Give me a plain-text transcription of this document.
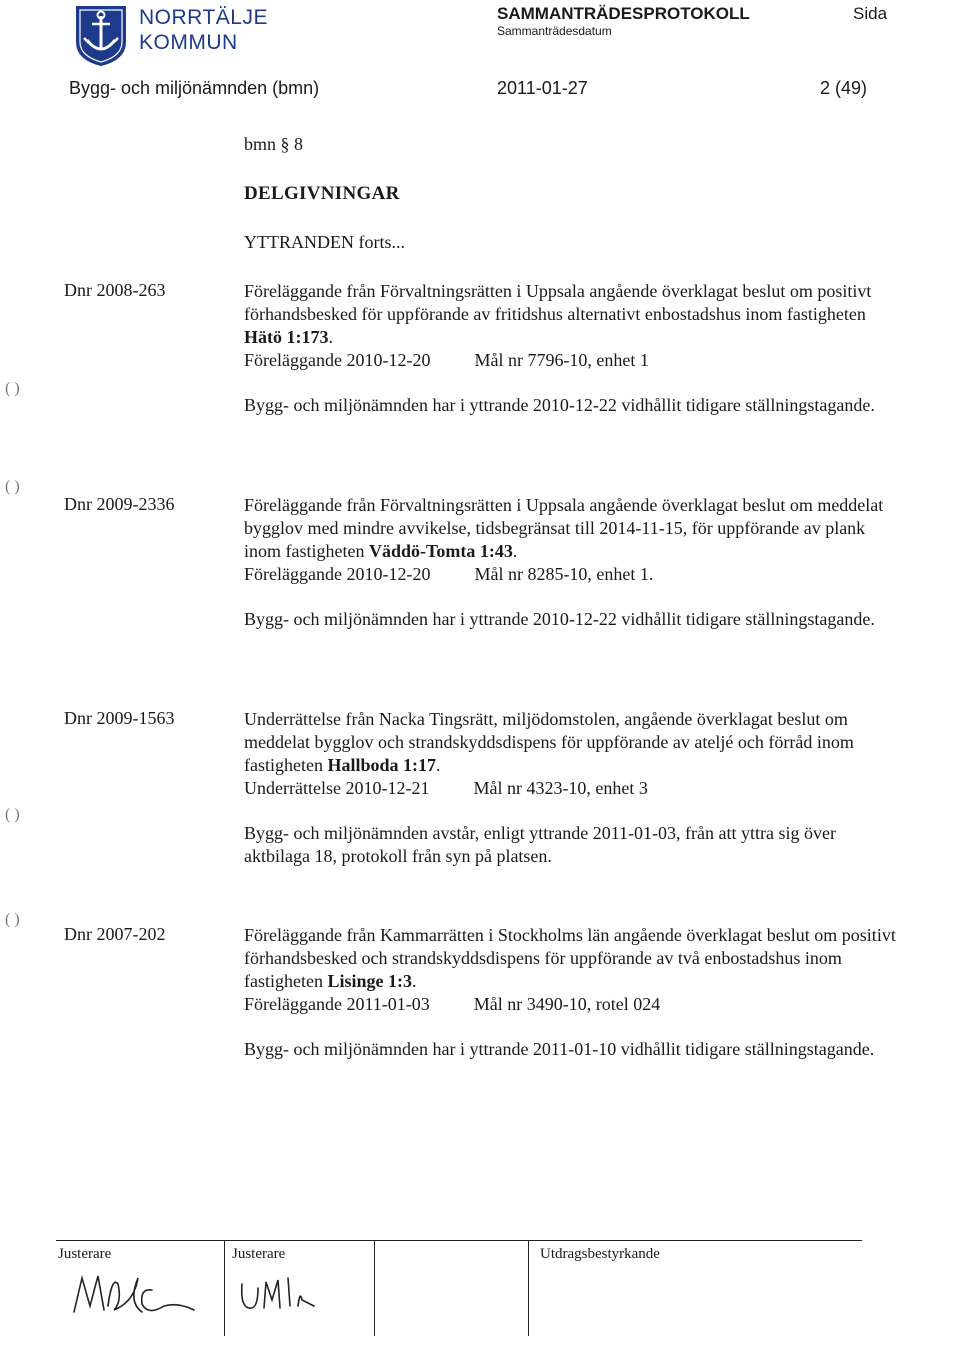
NORRTÄLJE
KOMMUN
SAMMANTRÄDESPROTOKOLL
Sammanträdesdatum
Sida
Bygg- och miljönämnden (bmn)	2011-01-27	2 (49)
bmn § 8
DELGIVNINGAR
YTTRANDEN forts...
Dnr 2008-263	Föreläggande från Förvaltningsrätten i Uppsala angående överklagat beslut om positivt förhandsbesked för uppförande av fritidshus alternativt enbostadshus inom fastigheten Hätö 1:173.

Föreläggande 2010-12-20 Mål nr 7796-10, enhet 1

Bygg- och miljönämnden har i yttrande 2010-12-22 vidhållit tidigare ställningstagande.

Dnr 2009-2336	Föreläggande från Förvaltningsrätten i Uppsala angående överklagat beslut om meddelat bygglov med mindre avvikelse, tidsbegränsat till 2014-11-15, för uppförande av plank inom fastigheten Väddö-Tomta 1:43.

Föreläggande 2010-12-20 Mål nr 8285-10, enhet 1.

Bygg- och miljönämnden har i yttrande 2010-12-22 vidhållit tidigare ställningstagande.

Dnr 2009-1563	Underrättelse från Nacka Tingsrätt, miljödomstolen, angående överklagat beslut om meddelat bygglov och strandskyddsdispens för uppförande av ateljé och förråd inom fastigheten Hallboda 1:17.

Underrättelse 2010-12-21 Mål nr 4323-10, enhet 3

Bygg- och miljönämnden avstår, enligt yttrande 2011-01-03, från att yttra sig över aktbilaga 18, protokoll från syn på platsen.

Dnr 2007-202	Föreläggande från Kammarrätten i Stockholms län angående överklagat beslut om positivt förhandsbesked och strandskyddsdispens för uppförande av två enbostadshus inom fastigheten Lisinge 1:3.

Föreläggande 2011-01-03 Mål nr 3490-10, rotel 024

Bygg- och miljönämnden har i yttrande 2011-01-10 vidhållit tidigare ställningstagande.

( )
( )
( )
( )
Justerare	Justerare	Utdragsbestyrkande
